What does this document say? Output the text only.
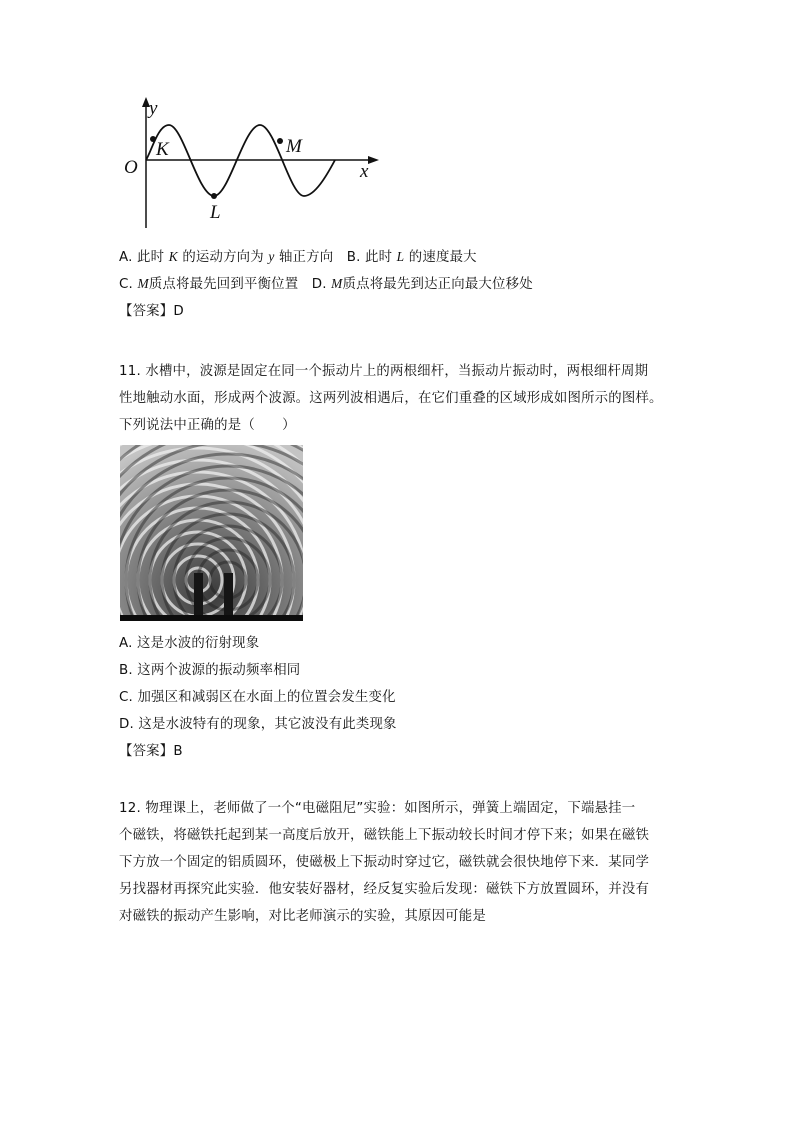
y
x
O
K
L
M
A. 此时 K 的运动方向为 y 轴正方向 B. 此时 L 的速度最大
C. M质点将最先回到平衡位置 D. M质点将最先到达正向最大位移处
【答案】D
11. 水槽中，波源是固定在同一个振动片上的两根细杆，当振动片振动时，两根细杆周期
性地触动水面，形成两个波源。这两列波相遇后，在它们重叠的区域形成如图所示的图样。
下列说法中正确的是（　　）
A. 这是水波的衍射现象
B. 这两个波源的振动频率相同
C. 加强区和减弱区在水面上的位置会发生变化
D. 这是水波特有的现象，其它波没有此类现象
【答案】B
12. 物理课上，老师做了一个“电磁阻尼”实验：如图所示，弹簧上端固定，下端悬挂一
个磁铁，将磁铁托起到某一高度后放开，磁铁能上下振动较长时间才停下来；如果在磁铁
下方放一个固定的铝质圆环，使磁极上下振动时穿过它，磁铁就会很快地停下来．某同学
另找器材再探究此实验．他安装好器材，经反复实验后发现：磁铁下方放置圆环，并没有
对磁铁的振动产生影响，对比老师演示的实验，其原因可能是
